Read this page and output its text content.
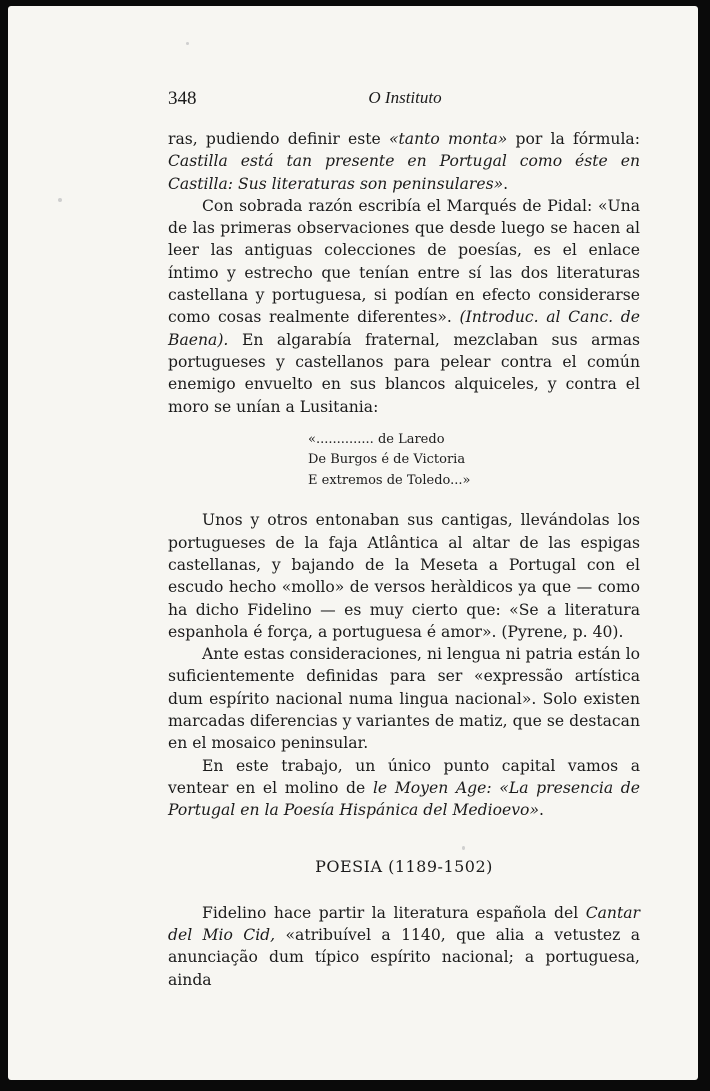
348	O Instituto

ras, pudiendo definir este «tanto monta» por la fórmula: Castilla está tan presente en Portugal como éste en Castilla: Sus literaturas son peninsulares».

Con sobrada razón escribía el Marqués de Pidal: «Una de las primeras observaciones que desde luego se hacen al leer las antiguas colecciones de poesías, es el enlace íntimo y estrecho que tenían entre sí las dos literaturas castellana y portuguesa, si podían en efecto considerarse como cosas realmente diferentes». (Introduc. al Canc. de Baena). En algarabía fraternal, mezclaban sus armas portugueses y castellanos para pelear contra el común enemigo envuelto en sus blancos alquiceles, y contra el moro se unían a Lusitania:

«.............. de Laredo
De Burgos é de Victoria
E extremos de Toledo...»

Unos y otros entonaban sus cantigas, llevándolas los portugueses de la faja Atlântica al altar de las espigas castellanas, y bajando de la Meseta a Portugal con el escudo hecho «mollo» de versos heràldicos ya que — como ha dicho Fidelino — es muy cierto que: «Se a literatura espanhola é força, a portuguesa é amor». (Pyrene, p. 40).

Ante estas consideraciones, ni lengua ni patria están lo suficientemente definidas para ser «expressão artística dum espírito nacional numa lingua nacional». Solo existen marcadas diferencias y variantes de matiz, que se destacan en el mosaico peninsular.

En este trabajo, un único punto capital vamos a ventear en el molino de le Moyen Age: «La presencia de Portugal en la Poesía Hispánica del Medioevo».

POESIA (1189-1502)

Fidelino hace partir la literatura española del Cantar del Mio Cid, «atribuível a 1140, que alia a vetustez a anunciação dum típico espírito nacional; a portuguesa, ainda
